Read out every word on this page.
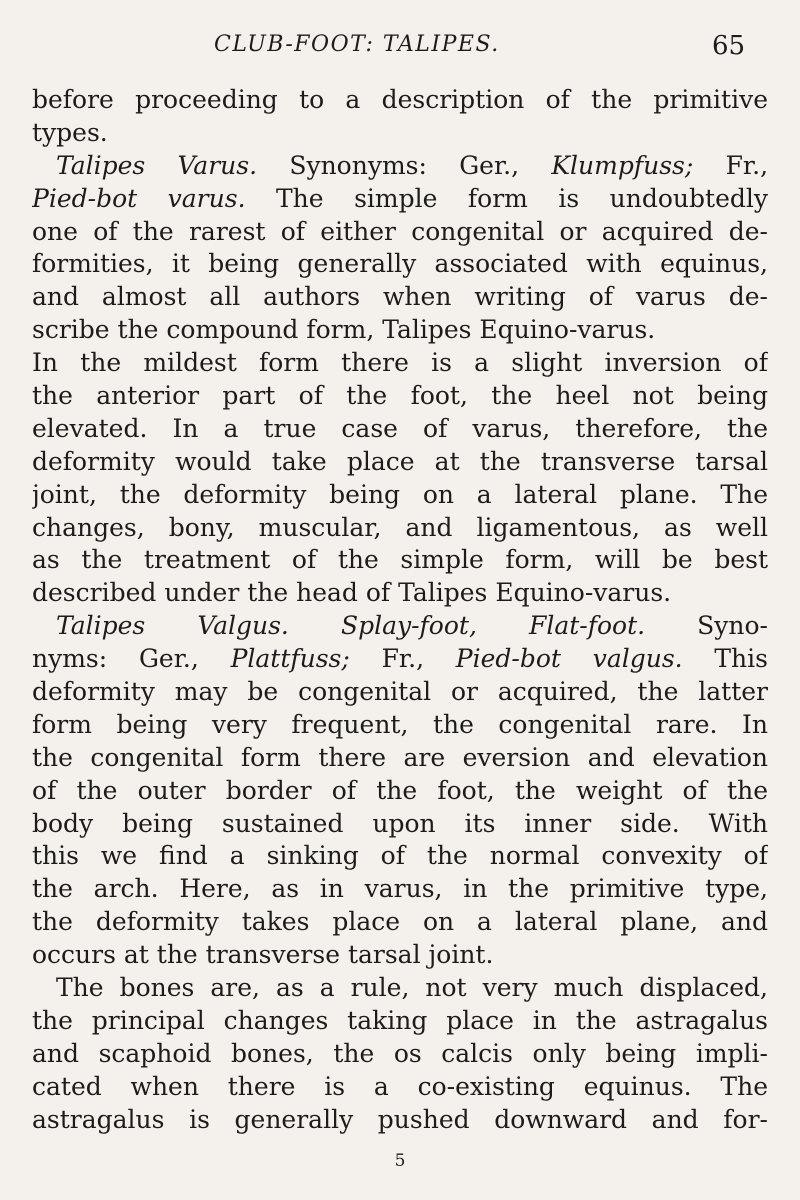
CLUB-FOOT: TALIPES.	65
before proceeding to a description of the primitive
types.
Talipes Varus. Synonyms: Ger., Klumpfuss; Fr.,
Pied-bot varus. The simple form is undoubtedly
one of the rarest of either congenital or acquired de-
formities, it being generally associated with equinus,
and almost all authors when writing of varus de-
scribe the compound form, Talipes Equino-varus.
In the mildest form there is a slight inversion of
the anterior part of the foot, the heel not being
elevated. In a true case of varus, therefore, the
deformity would take place at the transverse tarsal
joint, the deformity being on a lateral plane. The
changes, bony, muscular, and ligamentous, as well
as the treatment of the simple form, will be best
described under the head of Talipes Equino-varus.
Talipes Valgus. Splay-foot, Flat-foot. Syno-
nyms: Ger., Plattfuss; Fr., Pied-bot valgus. This
deformity may be congenital or acquired, the latter
form being very frequent, the congenital rare. In
the congenital form there are eversion and elevation
of the outer border of the foot, the weight of the
body being sustained upon its inner side. With
this we find a sinking of the normal convexity of
the arch. Here, as in varus, in the primitive type,
the deformity takes place on a lateral plane, and
occurs at the transverse tarsal joint.
The bones are, as a rule, not very much displaced,
the principal changes taking place in the astragalus
and scaphoid bones, the os calcis only being impli-
cated when there is a co-existing equinus. The
astragalus is generally pushed downward and for-
5
